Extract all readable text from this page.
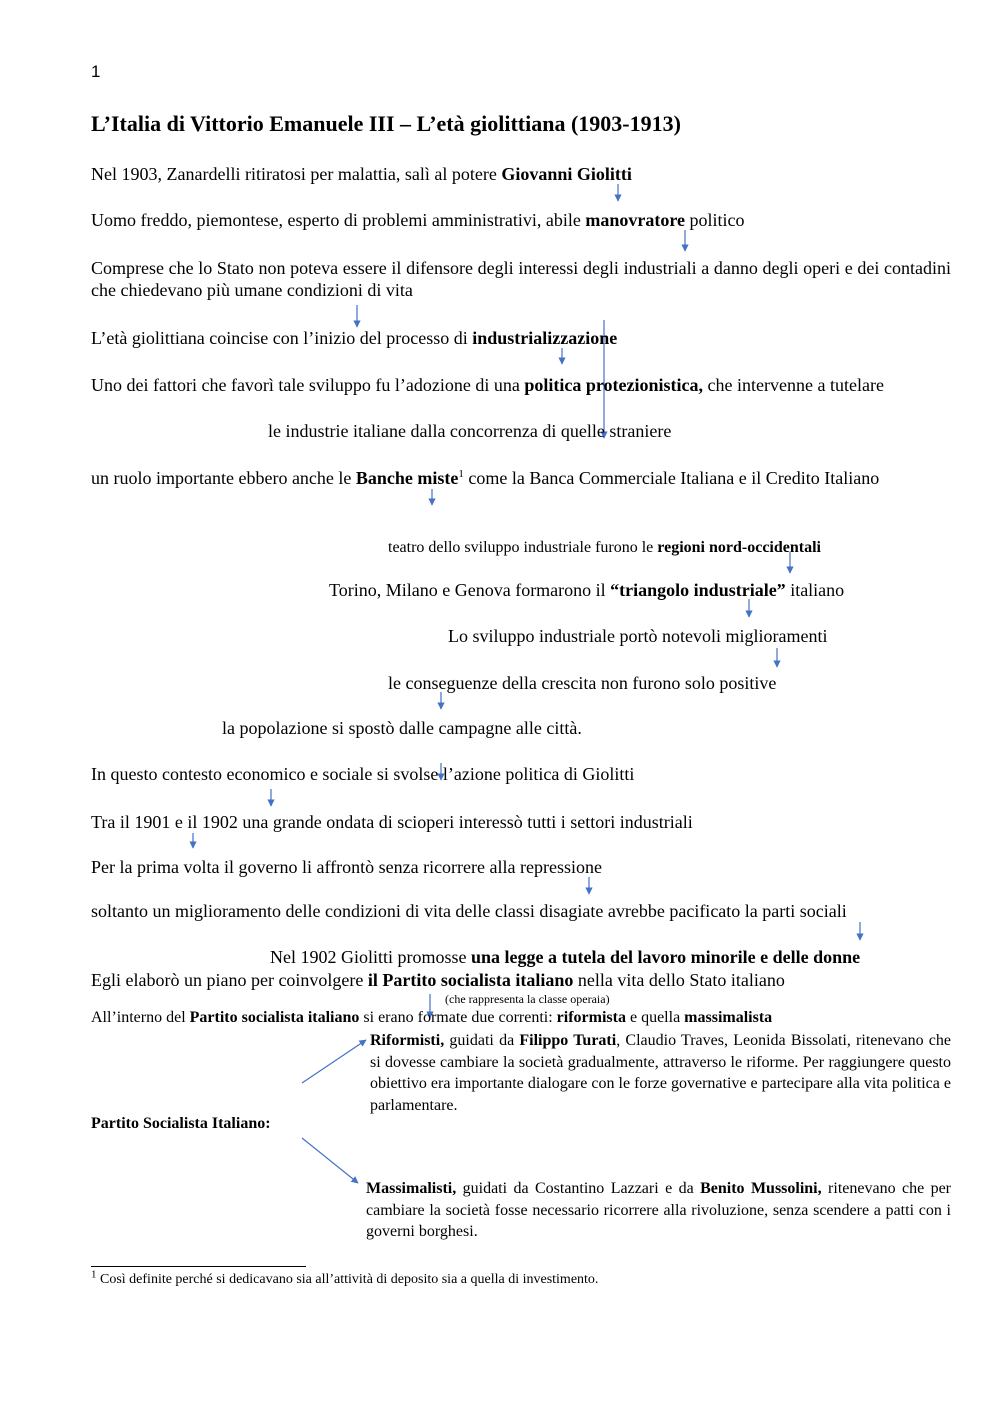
1
L’Italia di Vittorio Emanuele III – L’età giolittiana (1903-1913)
Nel 1903, Zanardelli ritiratosi per malattia, salì al potere Giovanni Giolitti
Uomo freddo, piemontese, esperto di problemi amministrativi, abile manovratore politico
Comprese che lo Stato non poteva essere il difensore degli interessi degli industriali a danno degli operi e dei contadini che chiedevano più umane condizioni di vita
L’età giolittiana coincise con l’inizio del processo di industrializzazione
Uno dei fattori che favorì tale sviluppo fu l’adozione di una politica protezionistica, che intervenne a tutelare
le industrie italiane dalla concorrenza di quelle straniere
un ruolo importante ebbero anche le Banche miste$^1$ come la Banca Commerciale Italiana e il Credito Italiano
teatro dello sviluppo industriale furono le regioni nord-occidentali
Torino, Milano e Genova formarono il “triangolo industriale” italiano
Lo sviluppo industriale portò notevoli miglioramenti
le conseguenze della crescita non furono solo positive
la popolazione si spostò dalle campagne alle città.
In questo contesto economico e sociale si svolse l’azione politica di Giolitti
Tra il 1901 e il 1902 una grande ondata di scioperi interessò tutti i settori industriali
Per la prima volta il governo li affrontò senza ricorrere alla repressione
soltanto un miglioramento delle condizioni di vita delle classi disagiate avrebbe pacificato la parti sociali
Nel 1902 Giolitti promosse una legge a tutela del lavoro minorile e delle donne
Egli elaborò un piano per coinvolgere il Partito socialista italiano nella vita dello Stato italiano
(che rappresenta la classe operaia)
All’interno del Partito socialista italiano si erano formate due correnti: riformista e quella massimalista
Riformisti, guidati da Filippo Turati, Claudio Traves, Leonida Bissolati, ritenevano che si dovesse cambiare la società gradualmente, attraverso le riforme. Per raggiungere questo obiettivo era importante dialogare con le forze governative e partecipare alla vita politica e parlamentare.
Partito Socialista Italiano:
Massimalisti, guidati da Costantino Lazzari e da Benito Mussolini, ritenevano che per cambiare la società fosse necessario ricorrere alla rivoluzione, senza scendere a patti con i governi borghesi.
$^1$ Così definite perché si dedicavano sia all’attività di deposito sia a quella di investimento.
